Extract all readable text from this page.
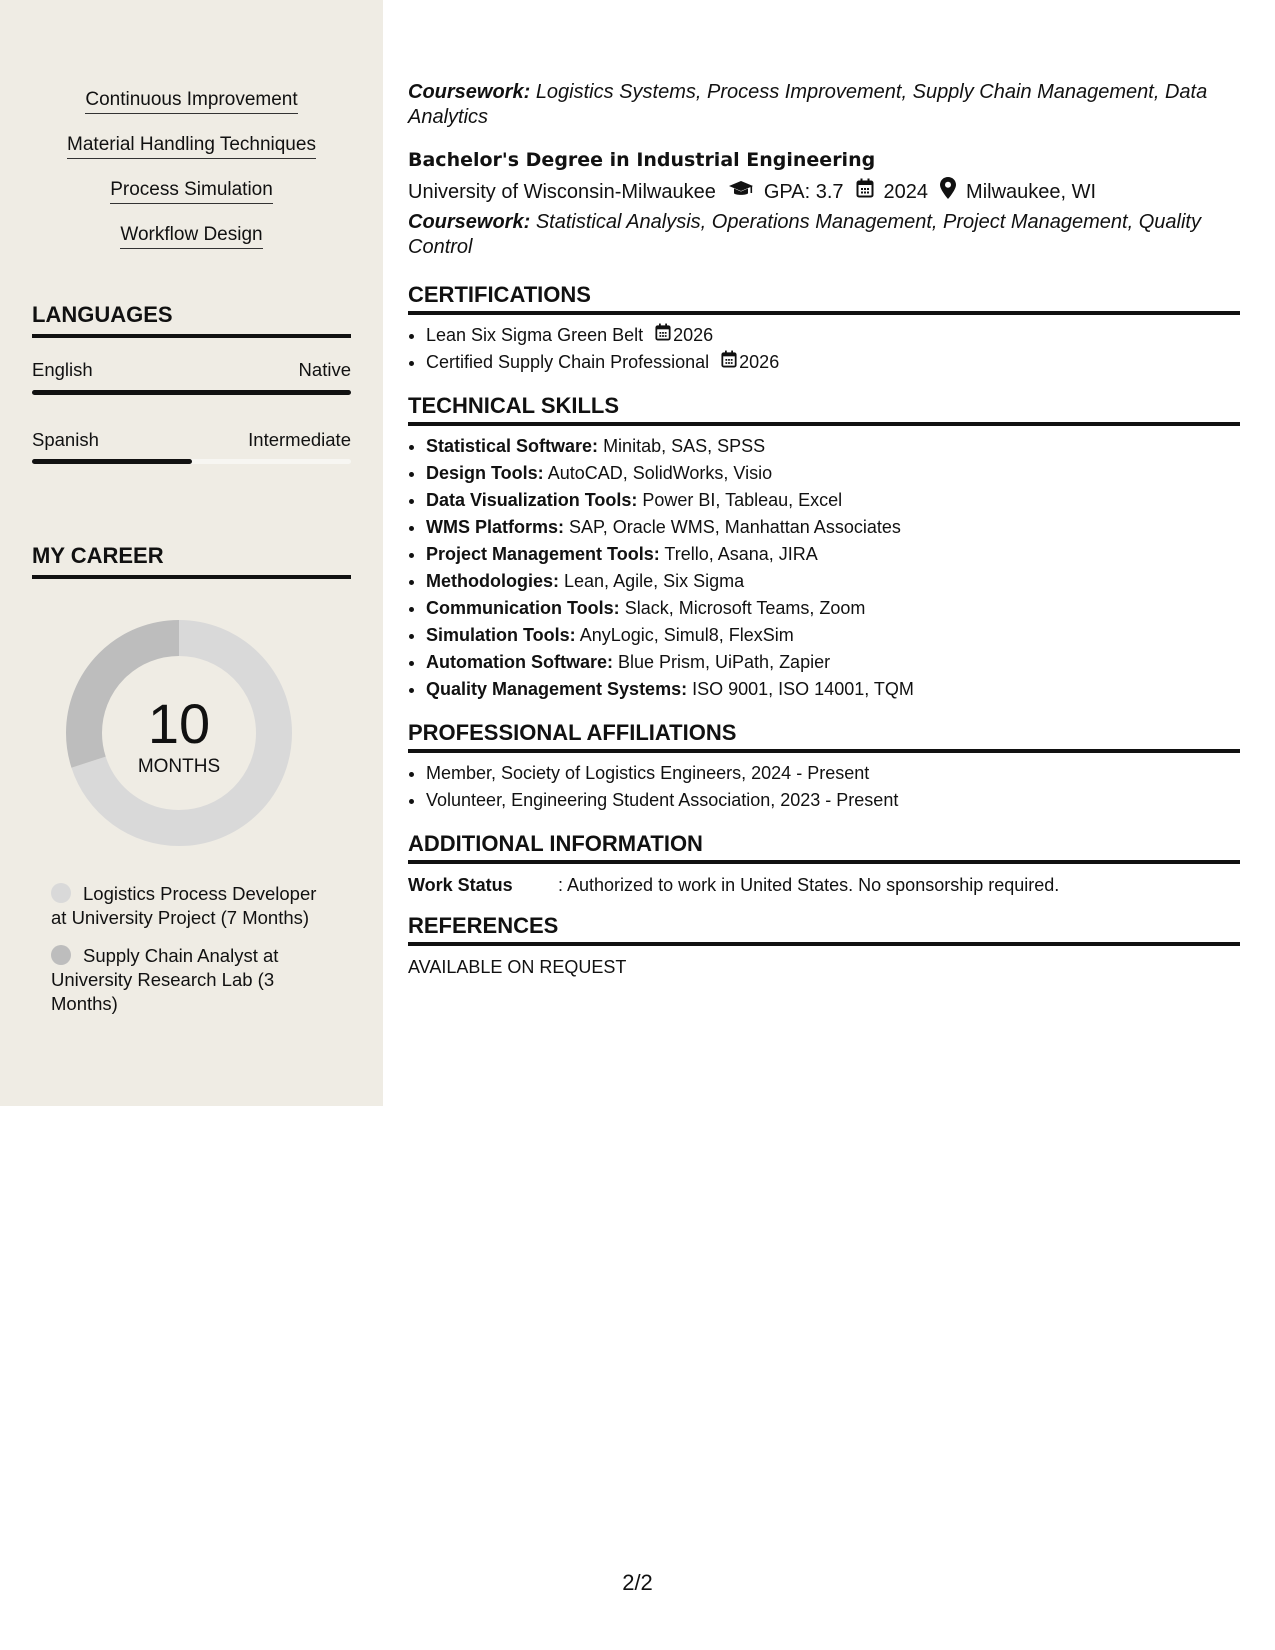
Continuous Improvement
Material Handling Techniques
Process Simulation
Workflow Design
LANGUAGES
English	Native
Spanish	Intermediate
MY CAREER
10
MONTHS
Logistics Process Developer at University Project (7 Months)
Supply Chain Analyst at University Research Lab (3 Months)
Coursework: Logistics Systems, Process Improvement, Supply Chain Management, Data Analytics
Bachelor's Degree in Industrial Engineering
University of Wisconsin-Milwaukee GPA: 3.7 2024 Milwaukee, WI
Coursework: Statistical Analysis, Operations Management, Project Management, Quality Control
CERTIFICATIONS
• Lean Six Sigma Green Belt 2026
• Certified Supply Chain Professional 2026
TECHNICAL SKILLS
• Statistical Software: Minitab, SAS, SPSS
• Design Tools: AutoCAD, SolidWorks, Visio
• Data Visualization Tools: Power BI, Tableau, Excel
• WMS Platforms: SAP, Oracle WMS, Manhattan Associates
• Project Management Tools: Trello, Asana, JIRA
• Methodologies: Lean, Agile, Six Sigma
• Communication Tools: Slack, Microsoft Teams, Zoom
• Simulation Tools: AnyLogic, Simul8, FlexSim
• Automation Software: Blue Prism, UiPath, Zapier
• Quality Management Systems: ISO 9001, ISO 14001, TQM
PROFESSIONAL AFFILIATIONS
• Member, Society of Logistics Engineers, 2024 - Present
• Volunteer, Engineering Student Association, 2023 - Present
ADDITIONAL INFORMATION
Work Status	: Authorized to work in United States. No sponsorship required.
REFERENCES
AVAILABLE ON REQUEST
2/2
